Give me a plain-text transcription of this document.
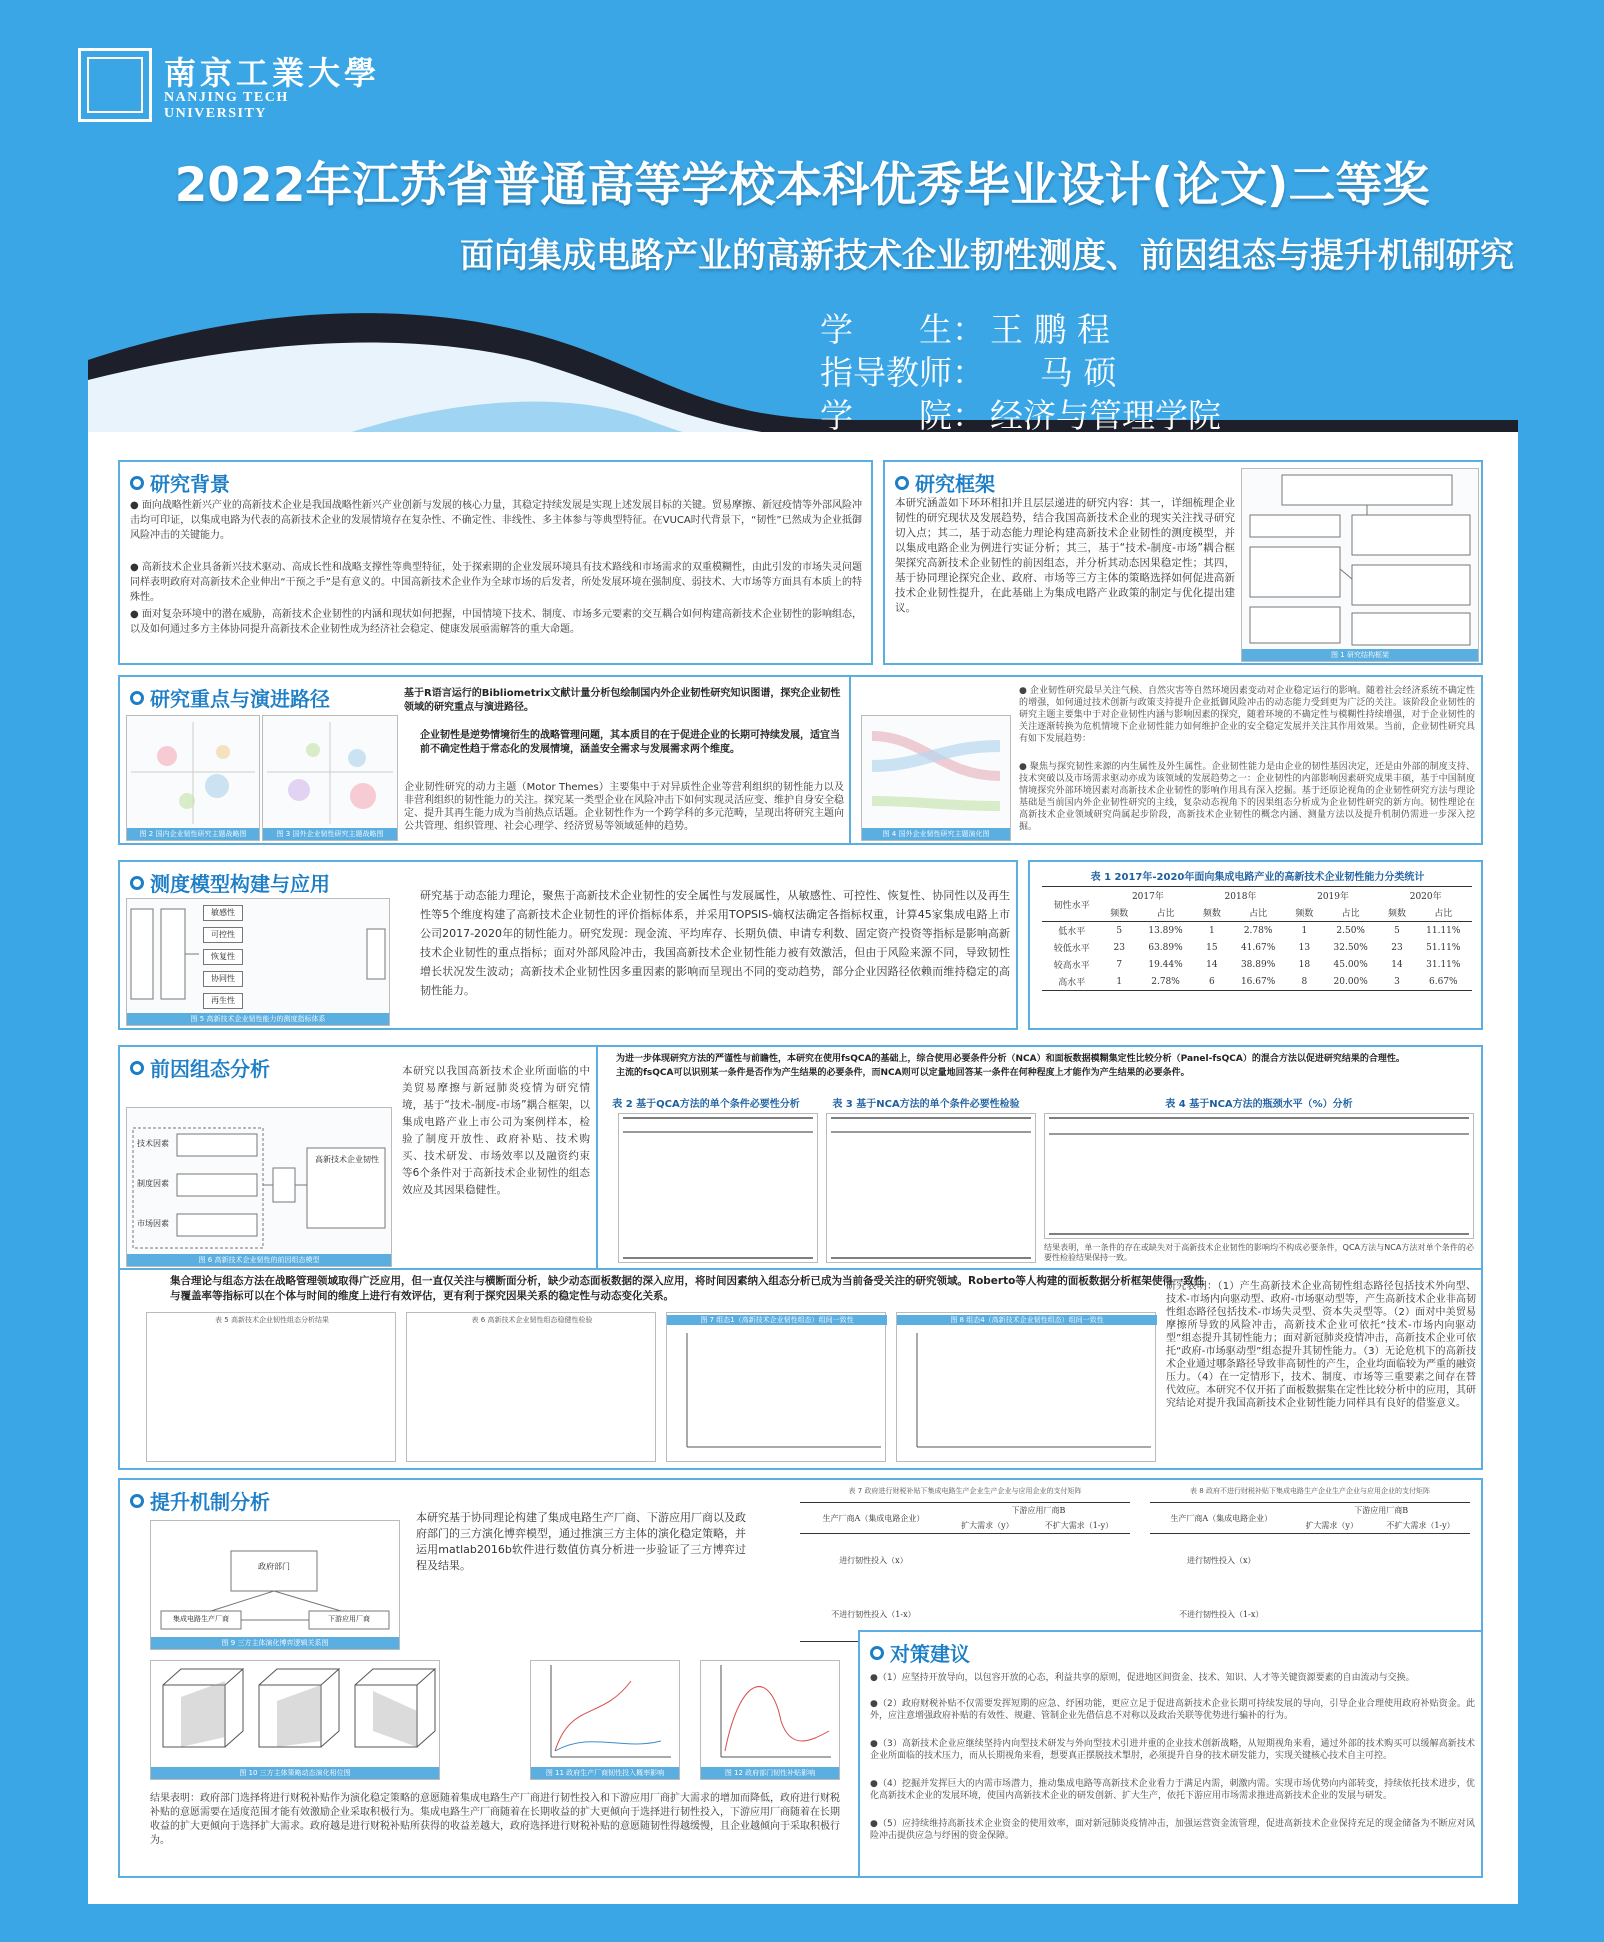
南京工業大學
NANJING TECH
UNIVERSITY
2022年江苏省普通高等学校本科优秀毕业设计(论文)二等奖
面向集成电路产业的高新技术企业韧性测度、前因组态与提升机制研究
学　　生： 王 鹏 程
指导教师：	马 硕
学　　院： 经济与管理学院
研究背景
● 面向战略性新兴产业的高新技术企业是我国战略性新兴产业创新与发展的核心力量，其稳定持续发展是实现上述发展目标的关键。贸易摩擦、新冠疫情等外部风险冲击均可印证，以集成电路为代表的高新技术企业的发展情境存在复杂性、不确定性、非线性、多主体参与等典型特征。在VUCA时代背景下，“韧性”已然成为企业抵御风险冲击的关键能力。
● 高新技术企业具备新兴技术驱动、高成长性和战略支撑性等典型特征，处于探索期的企业发展环境具有技术路线和市场需求的双重模糊性，由此引发的市场失灵问题同样表明政府对高新技术企业伸出“干预之手”是有意义的。中国高新技术企业作为全球市场的后发者，所处发展环境在强制度、弱技术、大市场等方面具有本质上的特殊性。
● 面对复杂环境中的潜在威胁，高新技术企业韧性的内涵和现状如何把握，中国情境下技术、制度、市场多元要素的交互耦合如何构建高新技术企业韧性的影响组态，以及如何通过多方主体协同提升高新技术企业韧性成为经济社会稳定、健康发展亟需解答的重大命题。
研究框架
本研究涵盖如下环环相扣并且层层递进的研究内容：其一，详细梳理企业韧性的研究现状及发展趋势，结合我国高新技术企业的现实关注找寻研究切入点；其二，基于动态能力理论构建高新技术企业韧性的测度模型，并以集成电路企业为例进行实证分析；其三，基于“技术-制度-市场”耦合框架探究高新技术企业韧性的前因组态，并分析其动态因果稳定性；其四，基于协同理论探究企业、政府、市场等三方主体的策略选择如何促进高新技术企业韧性提升，在此基础上为集成电路产业政策的制定与优化提出建议。
图 1 研究结构框架
研究重点与演进路径
图 2 国内企业韧性研究主题战略图	图 3 国外企业韧性研究主题战略图
基于R语言运行的Bibliometrix文献计量分析包绘制国内外企业韧性研究知识图谱，探究企业韧性领域的研究重点与演进路径。
企业韧性是逆势情境衍生的战略管理问题，其本质目的在于促进企业的长期可持续发展，适宜当前不确定性趋于常态化的发展情境，涵盖安全需求与发展需求两个维度。
企业韧性研究的动力主题（Motor Themes）主要集中于对异质性企业等营利组织的韧性能力以及非营利组织的韧性能力的关注。探究某一类型企业在风险冲击下如何实现灵活应变、维护自身安全稳定、提升其再生能力成为当前热点话题。企业韧性作为一个跨学科的多元范畴，呈现出将研究主题向公共管理、组织管理、社会心理学、经济贸易等领域延伸的趋势。
图 4 国外企业韧性研究主题演化图
● 企业韧性研究最早关注气候、自然灾害等自然环境因素变动对企业稳定运行的影响。随着社会经济系统不确定性的增强，如何通过技术创新与政策支持提升企业抵御风险冲击的动态能力受到更为广泛的关注。该阶段企业韧性的研究主题主要集中于对企业韧性内涵与影响因素的探究，随着环境的不确定性与模糊性持续增强，对于企业韧性的关注逐渐转换为危机情境下企业韧性能力如何维护企业的安全稳定发展并关注其作用效果。当前，企业韧性研究具有如下发展趋势：
● 聚焦与探究韧性来源的内生属性及外生属性。企业韧性能力是由企业的韧性基因决定，还是由外部的制度支持、技术突破以及市场需求驱动亦成为该领域的发展趋势之一：企业韧性的内部影响因素研究成果丰硕，基于中国制度情境探究外部环境因素对高新技术企业韧性的影响作用具有深入挖掘。基于还原论视角的企业韧性研究方法与理论基础是当前国内外企业韧性研究的主线，复杂动态视角下的因果组态分析成为企业韧性研究的新方向。韧性理论在高新技术企业领域研究尚属起步阶段，高新技术企业韧性的概念内涵、测量方法以及提升机制仍需进一步深入挖掘。
测度模型构建与应用
敏感性
可控性
恢复性
协同性
再生性
图 5 高新技术企业韧性能力的测度指标体系
研究基于动态能力理论，聚焦于高新技术企业韧性的安全属性与发展属性，从敏感性、可控性、恢复性、协同性以及再生性等5个维度构建了高新技术企业韧性的评价指标体系，并采用TOPSIS-熵权法确定各指标权重，计算45家集成电路上市公司2017-2020年的韧性能力。研究发现：现金流、平均库存、长期负债、申请专利数、固定资产投资等指标是影响高新技术企业韧性的重点指标；面对外部风险冲击，我国高新技术企业韧性能力被有效激活，但由于风险来源不同，导致韧性增长状况发生波动；高新技术企业韧性因多重因素的影响而呈现出不同的变动趋势，部分企业因路径依赖而维持稳定的高韧性能力。
表 1 2017年-2020年面向集成电路产业的高新技术企业韧性能力分类统计
韧性水平	2017年		2018年		2019年		2020年	
	频数	占比	频数	占比	频数	占比	频数	占比
低水平	5	13.89%	1	2.78%	1	2.50%	5	11.11%
较低水平	23	63.89%	15	41.67%	13	32.50%	23	51.11%
较高水平	7	19.44%	14	38.89%	18	45.00%	14	31.11%
高水平	1	2.78%	6	16.67%	8	20.00%	3	6.67%
前因组态分析
技术因素
制度因素
市场因素
高新技术企业韧性
图 6 高新技术企业韧性的前因组态模型
本研究以我国高新技术企业所面临的中美贸易摩擦与新冠肺炎疫情为研究情境，基于“技术-制度-市场”耦合框架，以集成电路产业上市公司为案例样本，检验了制度开放性、政府补贴、技术购买、技术研发、市场效率以及融资约束等6个条件对于高新技术企业韧性的组态效应及其因果稳健性。
为进一步体现研究方法的严谨性与前瞻性，本研究在使用fsQCA的基础上，综合使用必要条件分析（NCA）和面板数据模糊集定性比较分析（Panel-fsQCA）的混合方法以促进研究结果的合理性。
主流的fsQCA可以识别某一条件是否作为产生结果的必要条件，而NCA则可以定量地回答某一条件在何种程度上才能作为产生结果的必要条件。
表 2 基于QCA方法的单个条件必要性分析	表 3 基于NCA方法的单个条件必要性检验	表 4 基于NCA方法的瓶颈水平（%）分析
结果表明，单一条件的存在或缺失对于高新技术企业韧性的影响均不构成必要条件，QCA方法与NCA方法对单个条件的必要性检验结果保持一致。
集合理论与组态方法在战略管理领域取得广泛应用，但一直仅关注与横断面分析，缺少动态面板数据的深入应用，将时间因素纳入组态分析已成为当前备受关注的研究领域。Roberto等人构建的面板数据分析框架使得一致性与覆盖率等指标可以在个体与时间的维度上进行有效评估，更有利于探究因果关系的稳定性与动态变化关系。
表 5 高新技术企业韧性组态分析结果	表 6 高新技术企业韧性组态稳健性检验	图 7 组态1（高新技术企业韧性组态）组间一致性	图 8 组态4（高新技术企业韧性组态）组间一致性
研究表明：（1）产生高新技术企业高韧性组态路径包括技术外向型、技术-市场内向驱动型、政府-市场驱动型等，产生高新技术企业非高韧性组态路径包括技术-市场失灵型、资本失灵型等。（2）面对中美贸易摩擦所导致的风险冲击，高新技术企业可依托“技术-市场内向驱动型”组态提升其韧性能力；面对新冠肺炎疫情冲击，高新技术企业可依托“政府-市场驱动型”组态提升其韧性能力。（3）无论危机下的高新技术企业通过哪条路径导致非高韧性的产生，企业均面临较为严重的融资压力。（4）在一定情形下，技术、制度、市场等三重要素之间存在替代效应。本研究不仅开拓了面板数据集在定性比较分析中的应用，其研究结论对提升我国高新技术企业韧性能力同样具有良好的借鉴意义。
提升机制分析
政府部门
集成电路生产厂商	下游应用厂商
图 9 三方主体演化博弈逻辑关系图
本研究基于协同理论构建了集成电路生产厂商、下游应用厂商以及政府部门的三方演化博弈模型，通过推演三方主体的演化稳定策略，并运用matlab2016b软件进行数值仿真分析进一步验证了三方博弈过程及结果。
表 7 政府进行财税补贴下集成电路生产企业生产企业与应用企业的支付矩阵
生产厂商A（集成电路企业）	下游应用厂商B	
	扩大需求（y）	不扩大需求（1-y）
进行韧性投入（x）		
不进行韧性投入（1-x）		
表 8 政府不进行财税补贴下集成电路生产企业生产企业与应用企业的支付矩阵
生产厂商A（集成电路企业）	下游应用厂商B	
	扩大需求（y）	不扩大需求（1-y）
进行韧性投入（x）		
不进行韧性投入（1-x）		
图 10 三方主体策略动态演化相位图	图 11 政府生产厂商韧性投入概率影响	图 12 政府部门韧性补贴影响
结果表明：政府部门选择将进行财税补贴作为演化稳定策略的意愿随着集成电路生产厂商进行韧性投入和下游应用厂商扩大需求的增加而降低，政府进行财税补贴的意愿需要在适度范围才能有效激励企业采取积极行为。集成电路生产厂商随着在长期收益的扩大更倾向于选择进行韧性投入，下游应用厂商随着在长期收益的扩大更倾向于选择扩大需求。政府越是进行财税补贴所获得的收益差越大，政府选择进行财税补贴的意愿随韧性得越缓慢，且企业越倾向于采取积极行为。
对策建议
●（1）应坚持开放导向，以包容开放的心态，利益共享的原则，促进地区间资金、技术、知识、人才等关键资源要素的自由流动与交换。
●（2）政府财税补贴不仅需要发挥短期的应急、纾困功能，更应立足于促进高新技术企业长期可持续发展的导向，引导企业合理使用政府补贴资金。此外，应注意增强政府补贴的有效性、规避、管制企业先借信息不对称以及政治关联等优势进行骗补的行为。
●（3）高新技术企业应继续坚持内向型技术研发与外向型技术引进并重的企业技术创新战略，从短期视角来看，通过外部的技术购买可以缓解高新技术企业所面临的技术压力，而从长期视角来看，想要真正摆脱技术掣肘，必须提升自身的技术研发能力，实现关键核心技术自主可控。
●（4）挖掘并发挥巨大的内需市场潜力，推动集成电路等高新技术企业看力于满足内需，刺激内需。实现市场优势向内部转变，持续依托技术进步，优化高新技术企业的发展环境，使国内高新技术企业的研发创新、扩大生产，依托下游应用市场需求推进高新技术企业的发展与研发。
●（5）应持续维持高新技术企业资金的使用效率，面对新冠肺炎疫情冲击，加强运营资金流管理，促进高新技术企业保持充足的现金储备为不断应对风险冲击提供应急与纾困的资金保障。
